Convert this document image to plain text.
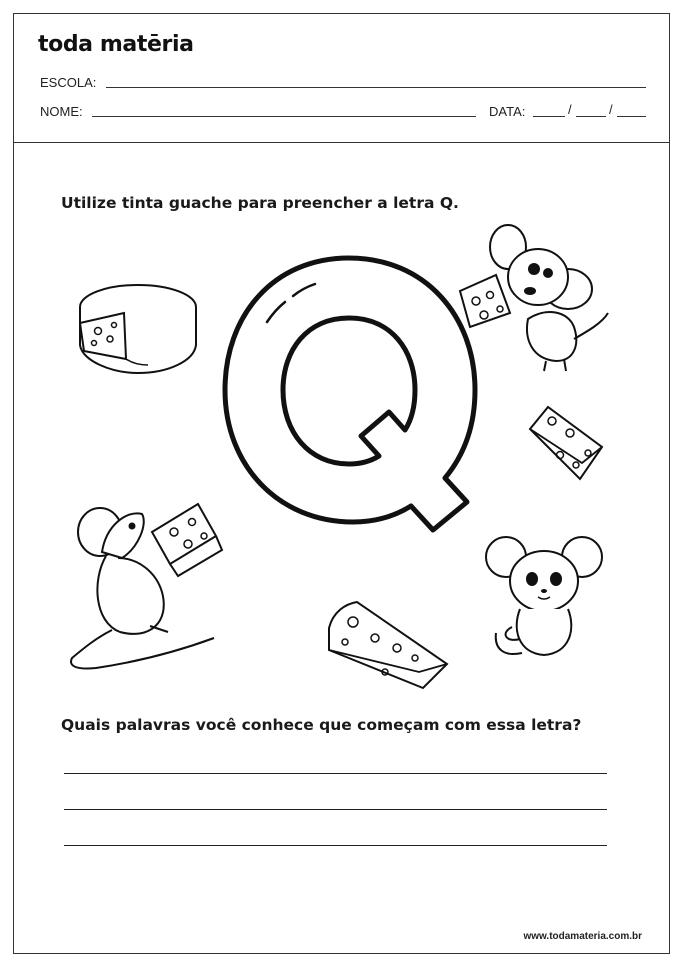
toda matēria
ESCOLA:
NOME:	DATA:	/	/
Utilize tinta guache para preencher a letra Q.
Quais palavras você conhece que começam com essa letra?
www.todamateria.com.br
